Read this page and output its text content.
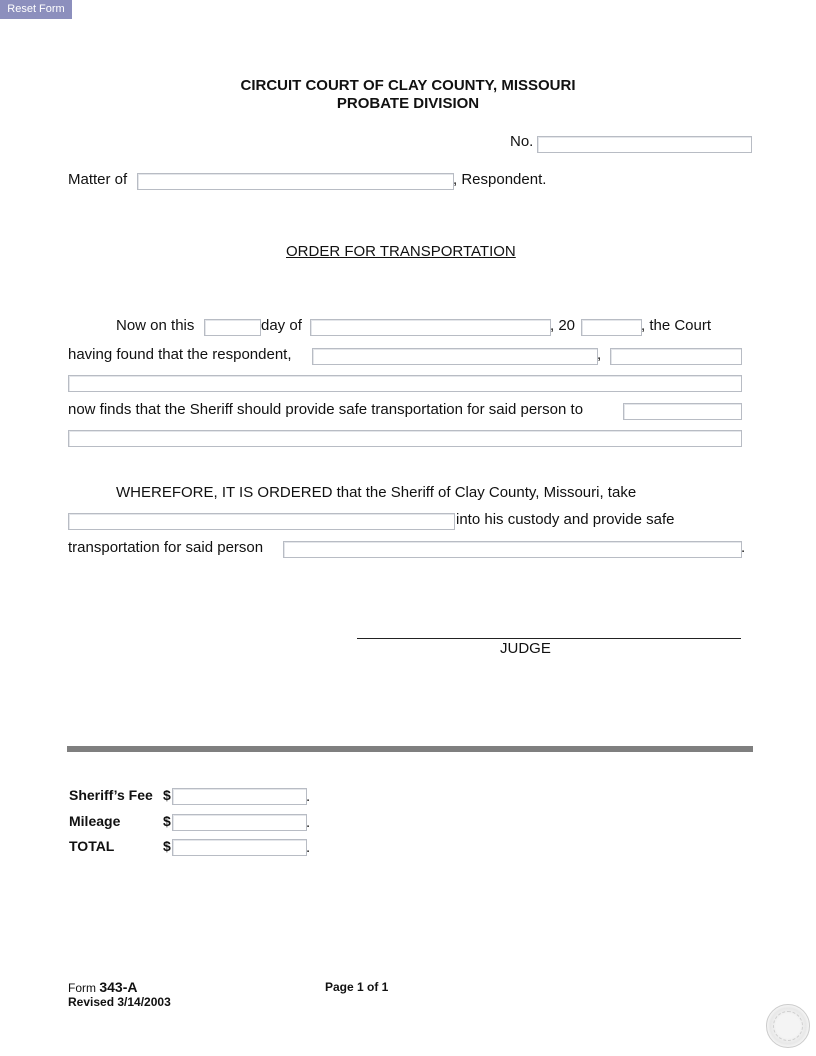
Reset Form
CIRCUIT COURT OF CLAY COUNTY, MISSOURI
PROBATE DIVISION
No.
Matter of	, Respondent.
ORDER FOR TRANSPORTATION
Now on this	day of	, 20	, the Court
having found that the respondent,	,
now finds that the Sheriff should provide safe transportation for said person to
WHEREFORE, IT IS ORDERED that the Sheriff of Clay County, Missouri, take
into his custody and provide safe
transportation for said person	.
JUDGE
Sheriff’s Fee $	.
Mileage	$	.
TOTAL	$	.
Form 343-A
Revised 3/14/2003
Page 1 of 1
